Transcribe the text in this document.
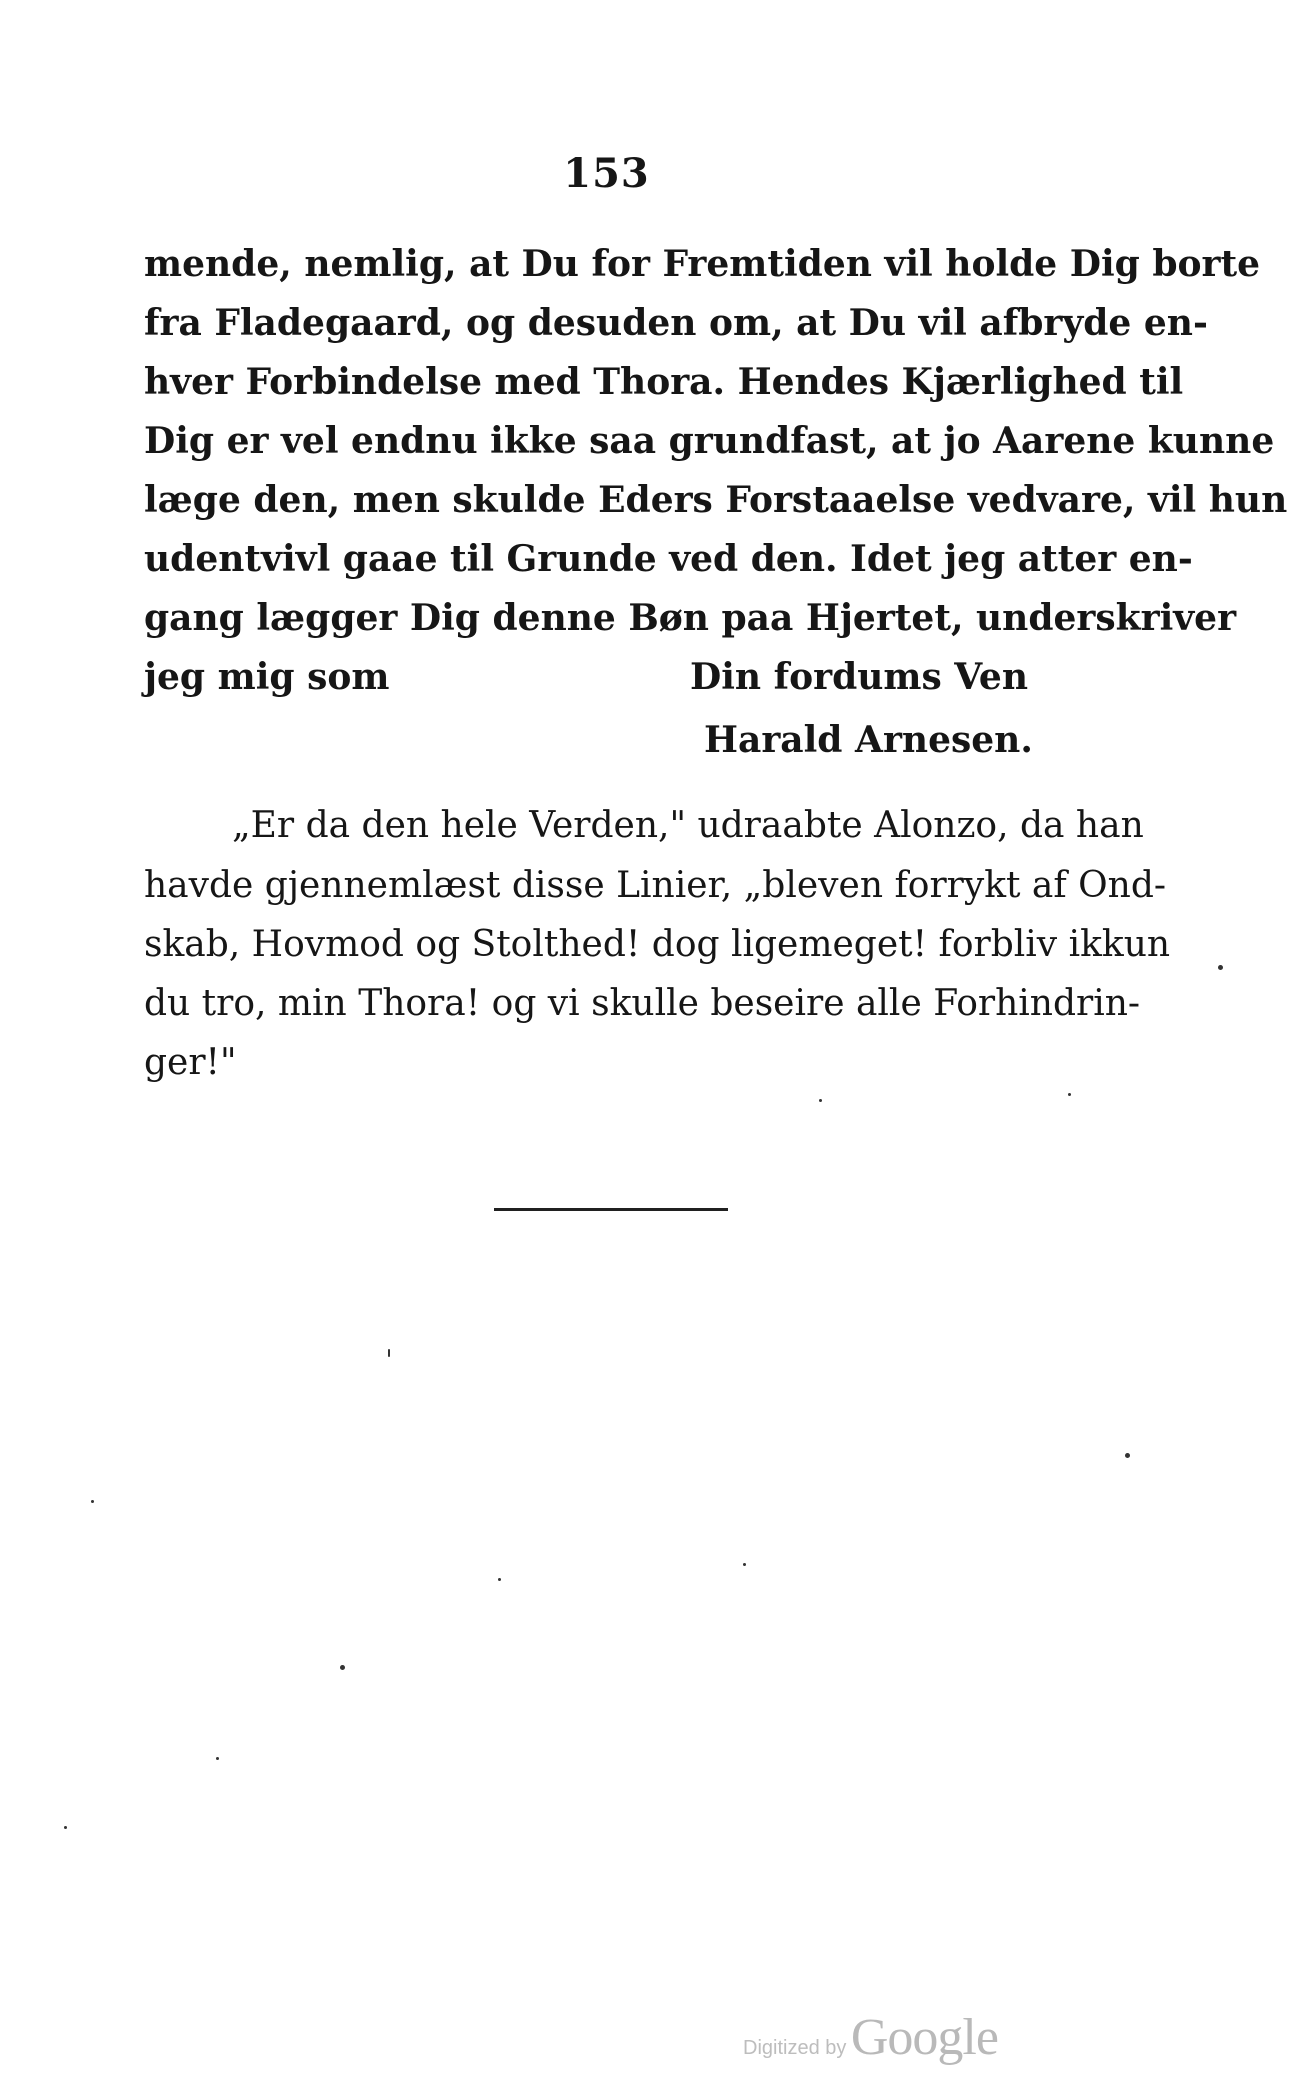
153
mende, nemlig, at Du for Fremtiden vil holde Dig borte
fra Fladegaard, og desuden om, at Du vil afbryde en-
hver Forbindelse med Thora. Hendes Kjærlighed til
Dig er vel endnu ikke saa grundfast, at jo Aarene kunne
læge den, men skulde Eders Forstaaelse vedvare, vil hun
udentvivl gaae til Grunde ved den. Idet jeg atter en-
gang lægger Dig denne Bøn paa Hjertet, underskriver
jeg mig som	Din fordums Ven
Harald Arnesen.
„Er da den hele Verden," udraabte Alonzo, da han
havde gjennemlæst disse Linier, „bleven forrykt af Ond-
skab, Hovmod og Stolthed! dog ligemeget! forbliv ikkun
du tro, min Thora! og vi skulle beseire alle Forhindrin-
ger!"
Digitized by Google
